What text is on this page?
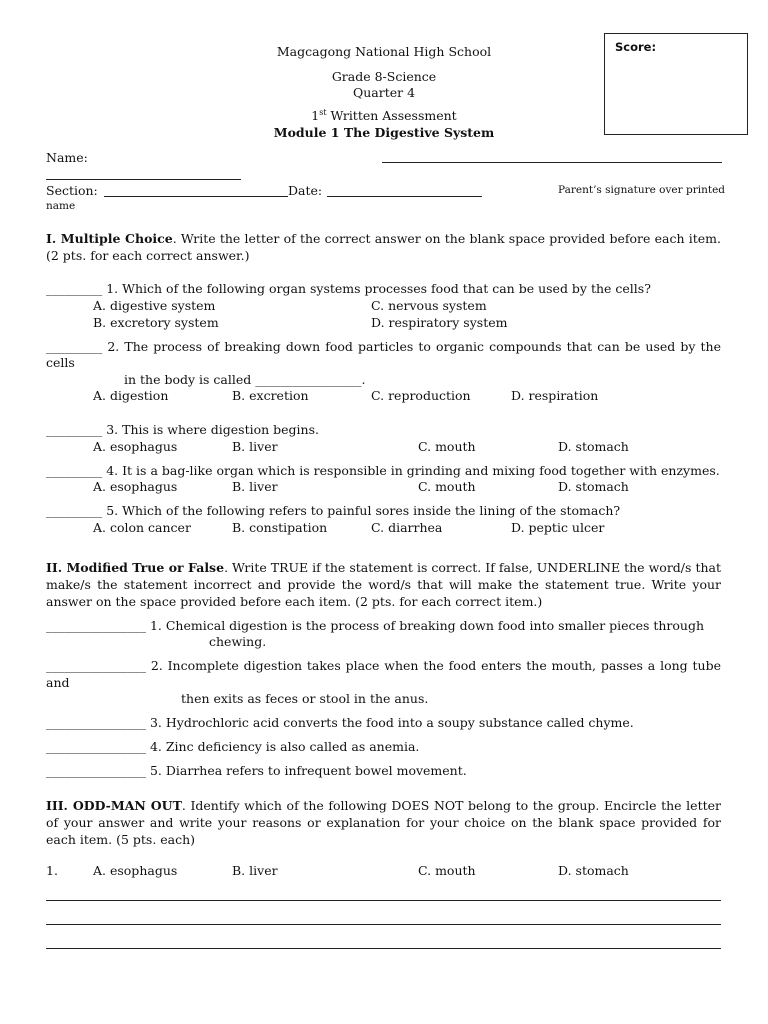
Magcagong National High School
Grade 8-Science
Quarter 4
1st Written Assessment
Module 1 The Digestive System
Score:
Name:
Section:	Date:	Parent’s signature over printed
name
I. Multiple Choice. Write the letter of the correct answer on the blank space provided before each item. (2 pts. for each correct answer.)
_________ 1. Which of the following organ systems processes food that can be used by the cells?
A. digestive system	C. nervous system
B. excretory system	D. respiratory system
_________ 2. The process of breaking down food particles to organic compounds that can be used by the
cells
in the body is called _________________.
A. digestion	B. excretion	C. reproduction	D. respiration
_________ 3. This is where digestion begins.
A. esophagus	B. liver	C. mouth	D. stomach
_________ 4. It is a bag-like organ which is responsible in grinding and mixing food together with enzymes.
A. esophagus	B. liver	C. mouth	D. stomach
_________ 5. Which of the following refers to painful sores inside the lining of the stomach?
A. colon cancer	B. constipation	C. diarrhea	D. peptic ulcer
II. Modified True or False. Write TRUE if the statement is correct. If false, UNDERLINE the word/s that make/s the statement incorrect and provide the word/s that will make the statement true. Write your answer on the space provided before each item. (2 pts. for each correct item.)
________________ 1. Chemical digestion is the process of breaking down food into smaller pieces through
chewing.
________________ 2. Incomplete digestion takes place when the food enters the mouth, passes a long tube
and
then exits as feces or stool in the anus.
________________ 3. Hydrochloric acid converts the food into a soupy substance called chyme.
________________ 4. Zinc deficiency is also called as anemia.
________________ 5. Diarrhea refers to infrequent bowel movement.
III. ODD-MAN OUT. Identify which of the following DOES NOT belong to the group. Encircle the letter of your answer and write your reasons or explanation for your choice on the blank space provided for each item. (5 pts. each)
1.	A. esophagus	B. liver	C. mouth	D. stomach
